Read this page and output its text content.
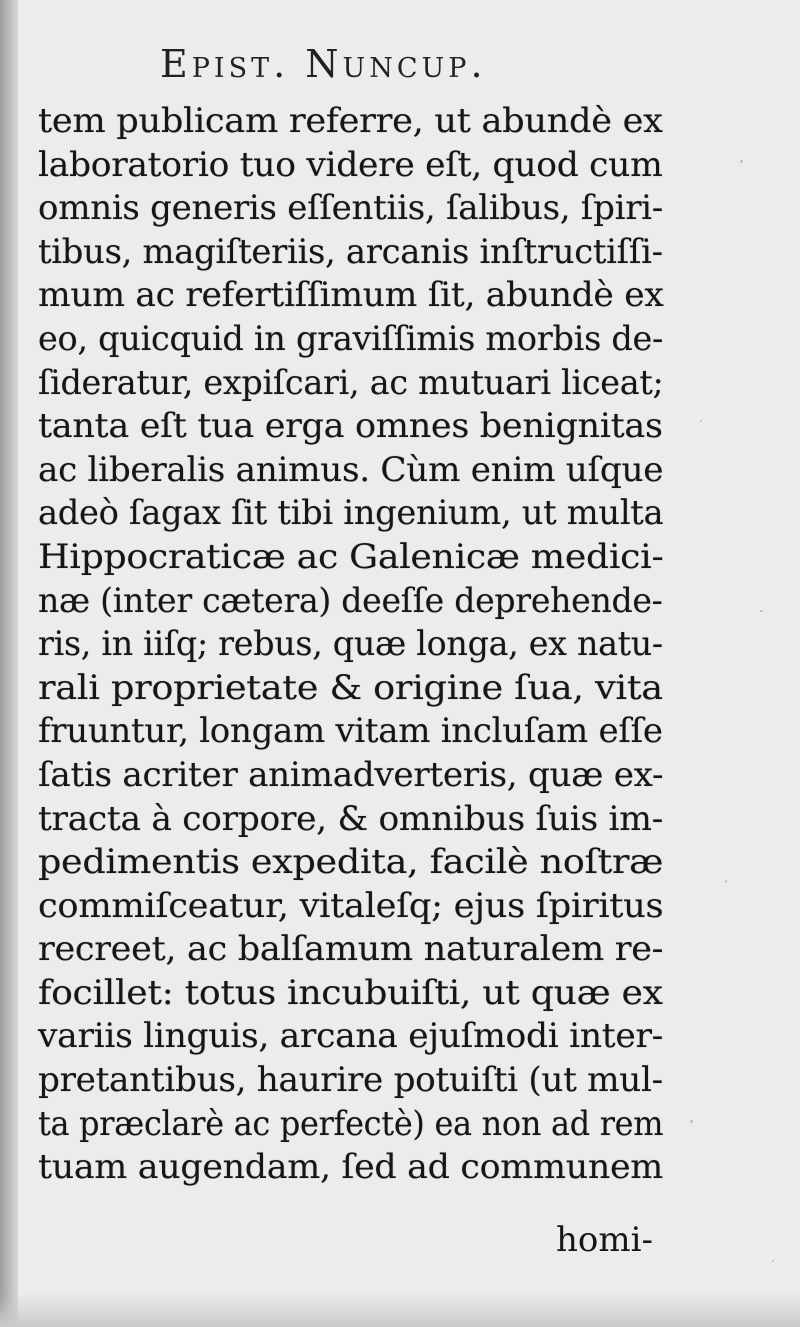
Epist. Nuncup.
tem publicam referre, ut abundè ex
laboratorio tuo videre eſt, quod cum
omnis generis eſſentiis, ſalibus, ſpiri-
tibus, magiſteriis, arcanis inſtructiſſi-
mum ac refertiſſimum ſit, abundè ex
eo, quicquid in graviſſimis morbis de-
ſideratur, expiſcari, ac mutuari liceat;
tanta eſt tua erga omnes benignitas
ac liberalis animus. Cùm enim uſque
adeò ſagax ſit tibi ingenium, ut multa
Hippocraticæ ac Galenicæ medici-
næ (inter cætera) deeſſe deprehende-
ris, in iiſq; rebus, quæ longa, ex natu-
rali proprietate & origine ſua, vita
fruuntur, longam vitam incluſam eſſe
ſatis acriter animadverteris, quæ ex-
tracta à corpore, & omnibus ſuis im-
pedimentis expedita, facilè noſtræ
commiſceatur, vitaleſq; ejus ſpiritus
recreet, ac balſamum naturalem re-
focillet: totus incubuiſti, ut quæ ex
variis linguis, arcana ejuſmodi inter-
pretantibus, haurire potuiſti (ut mul-
ta præclarè ac perfectè) ea non ad rem
tuam augendam, ſed ad communem
homi-
